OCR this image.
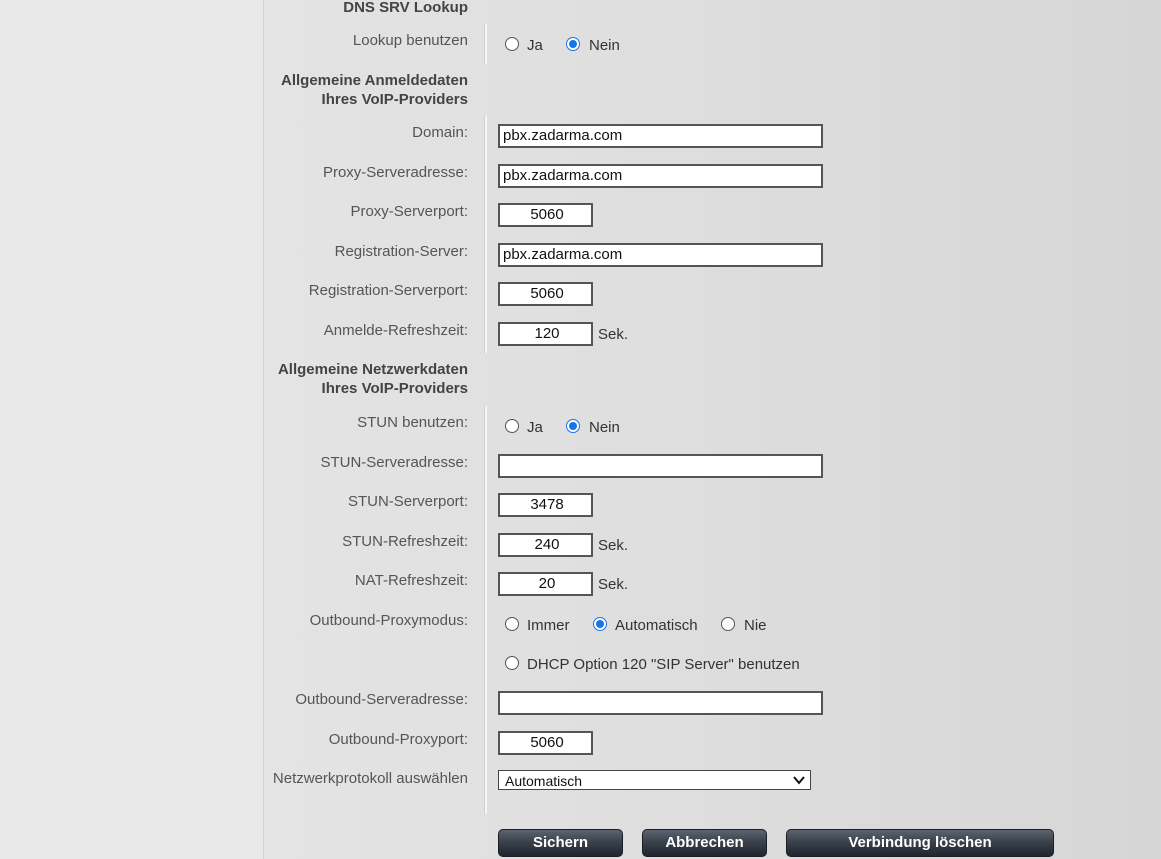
DNS SRV Lookup
Lookup benutzen	Ja	Nein
Allgemeine Anmeldedaten
Ihres VoIP-Providers
Domain:	pbx.zadarma.com
Proxy-Serveradresse:	pbx.zadarma.com
Proxy-Serverport:	5060
Registration-Server:	pbx.zadarma.com
Registration-Serverport:	5060
Anmelde-Refreshzeit:	120	Sek.
Allgemeine Netzwerkdaten
Ihres VoIP-Providers
STUN benutzen:	Ja	Nein
STUN-Serveradresse:
STUN-Serverport:	3478
STUN-Refreshzeit:	240	Sek.
NAT-Refreshzeit:	20	Sek.
Outbound-Proxymodus:	Immer	Automatisch	Nie
DHCP Option 120 "SIP Server" benutzen
Outbound-Serveradresse:
Outbound-Proxyport:	5060
Netzwerkprotokoll auswählen	Automatisch
Sichern	Abbrechen	Verbindung löschen
